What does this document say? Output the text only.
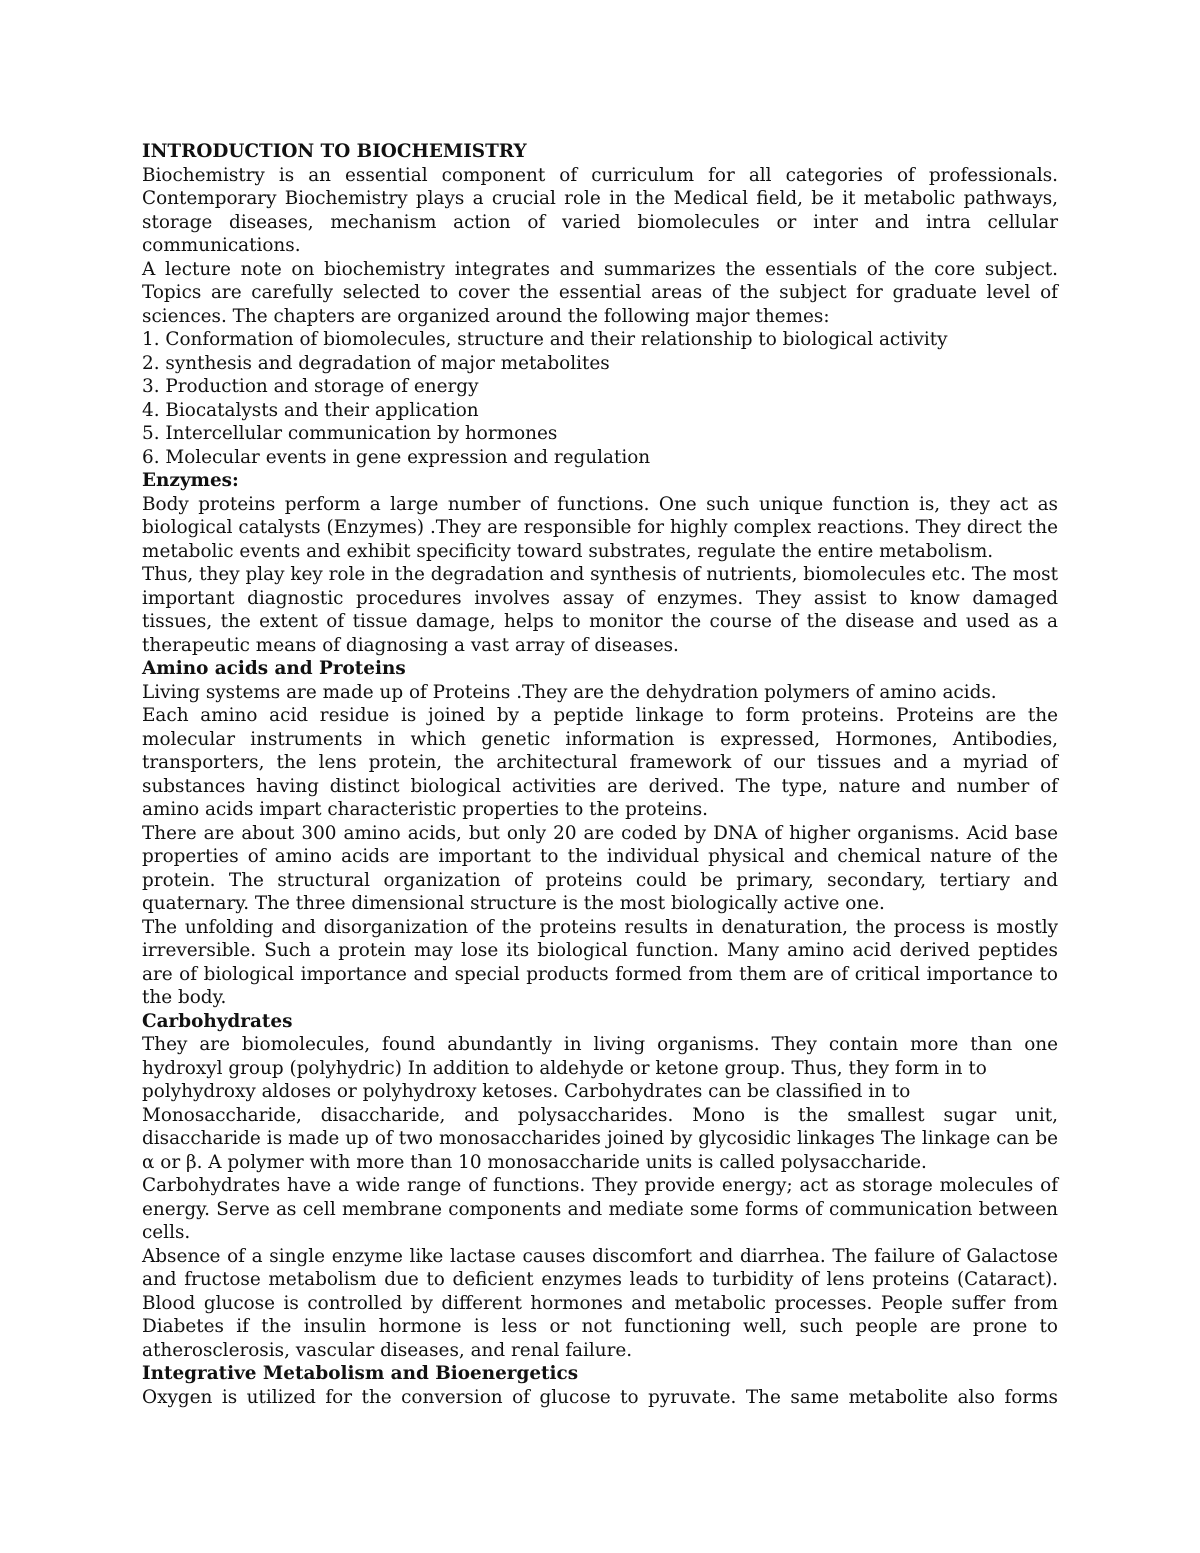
INTRODUCTION TO BIOCHEMISTRY

Biochemistry is an essential component of curriculum for all categories of professionals. Contemporary Biochemistry plays a crucial role in the Medical field, be it metabolic pathways, storage diseases, mechanism action of varied biomolecules or inter and intra cellular communications.

A lecture note on biochemistry integrates and summarizes the essentials of the core subject. Topics are carefully selected to cover the essential areas of the subject for graduate level of sciences. The chapters are organized around the following major themes:

1. Conformation of biomolecules, structure and their relationship to biological activity
2. synthesis and degradation of major metabolites
3. Production and storage of energy
4. Biocatalysts and their application
5. Intercellular communication by hormones
6. Molecular events in gene expression and regulation
Enzymes:

Body proteins perform a large number of functions. One such unique function is, they act as biological catalysts (Enzymes) .They are responsible for highly complex reactions. They direct the metabolic events and exhibit specificity toward substrates, regulate the entire metabolism.

Thus, they play key role in the degradation and synthesis of nutrients, biomolecules etc. The most important diagnostic procedures involves assay of enzymes. They assist to know damaged tissues, the extent of tissue damage, helps to monitor the course of the disease and used as a therapeutic means of diagnosing a vast array of diseases.

Amino acids and Proteins

Living systems are made up of Proteins .They are the dehydration polymers of amino acids.

Each amino acid residue is joined by a peptide linkage to form proteins. Proteins are the molecular instruments in which genetic information is expressed, Hormones, Antibodies, transporters, the lens protein, the architectural framework of our tissues and a myriad of substances having distinct biological activities are derived. The type, nature and number of amino acids impart characteristic properties to the proteins.

There are about 300 amino acids, but only 20 are coded by DNA of higher organisms. Acid base properties of amino acids are important to the individual physical and chemical nature of the protein. The structural organization of proteins could be primary, secondary, tertiary and quaternary. The three dimensional structure is the most biologically active one.

The unfolding and disorganization of the proteins results in denaturation, the process is mostly irreversible. Such a protein may lose its biological function. Many amino acid derived peptides are of biological importance and special products formed from them are of critical importance to the body.

Carbohydrates
They are biomolecules, found abundantly in living organisms. They contain more than one
hydroxyl group (polyhydric) In addition to aldehyde or ketone group. Thus, they form in to
polyhydroxy aldoses or polyhydroxy ketoses. Carbohydrates can be classified in to

Monosaccharide, disaccharide, and polysaccharides. Mono is the smallest sugar unit, disaccharide is made up of two monosaccharides joined by glycosidic linkages The linkage can be α or β. A polymer with more than 10 monosaccharide units is called polysaccharide.

Carbohydrates have a wide range of functions. They provide energy; act as storage molecules of energy. Serve as cell membrane components and mediate some forms of communication between cells.

Absence of a single enzyme like lactase causes discomfort and diarrhea. The failure of Galactose and fructose metabolism due to deficient enzymes leads to turbidity of lens proteins (Cataract). Blood glucose is controlled by different hormones and metabolic processes. People suffer from Diabetes if the insulin hormone is less or not functioning well, such people are prone to atherosclerosis, vascular diseases, and renal failure.

Integrative Metabolism and Bioenergetics
Oxygen is utilized for the conversion of glucose to pyruvate. The same metabolite also forms
